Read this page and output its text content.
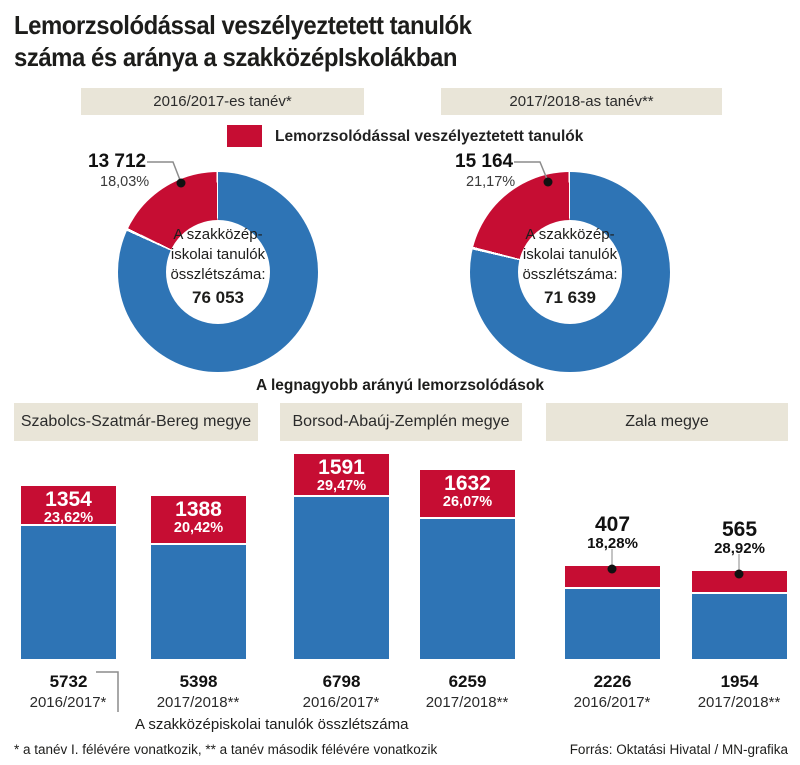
Lemorzsolódással veszélyeztetett tanulók
száma és aránya a szakközépIskolákban
2016/2017-es tanév*	2017/2018-as tanév**
Lemorzsolódással veszélyeztetett tanulók
A szakközép-
iskolai tanulók
összlétszáma:
76 053
13 712
18,03%
A szakközép-
iskolai tanulók
összlétszáma:
71 639
15 164
21,17%
A legnagyobb arányú lemorzsolódások
Szabolcs-Szatmár-Bereg megye	Borsod-Abaúj-Zemplén megye	Zala megye
1354
23,62%	1388
20,42%
1591
29,47%	1632
26,07%
407
18,28%
565
28,92%
5732	5398	6798	6259	2226	1954
2016/2017*	2017/2018**	2016/2017*	2017/2018**	2016/2017*	2017/2018**
A szakközépiskolai tanulók összlétszáma
* a tanév I. félévére vonatkozik, ** a tanév második félévére vonatkozik	Forrás: Oktatási Hivatal / MN-grafika
